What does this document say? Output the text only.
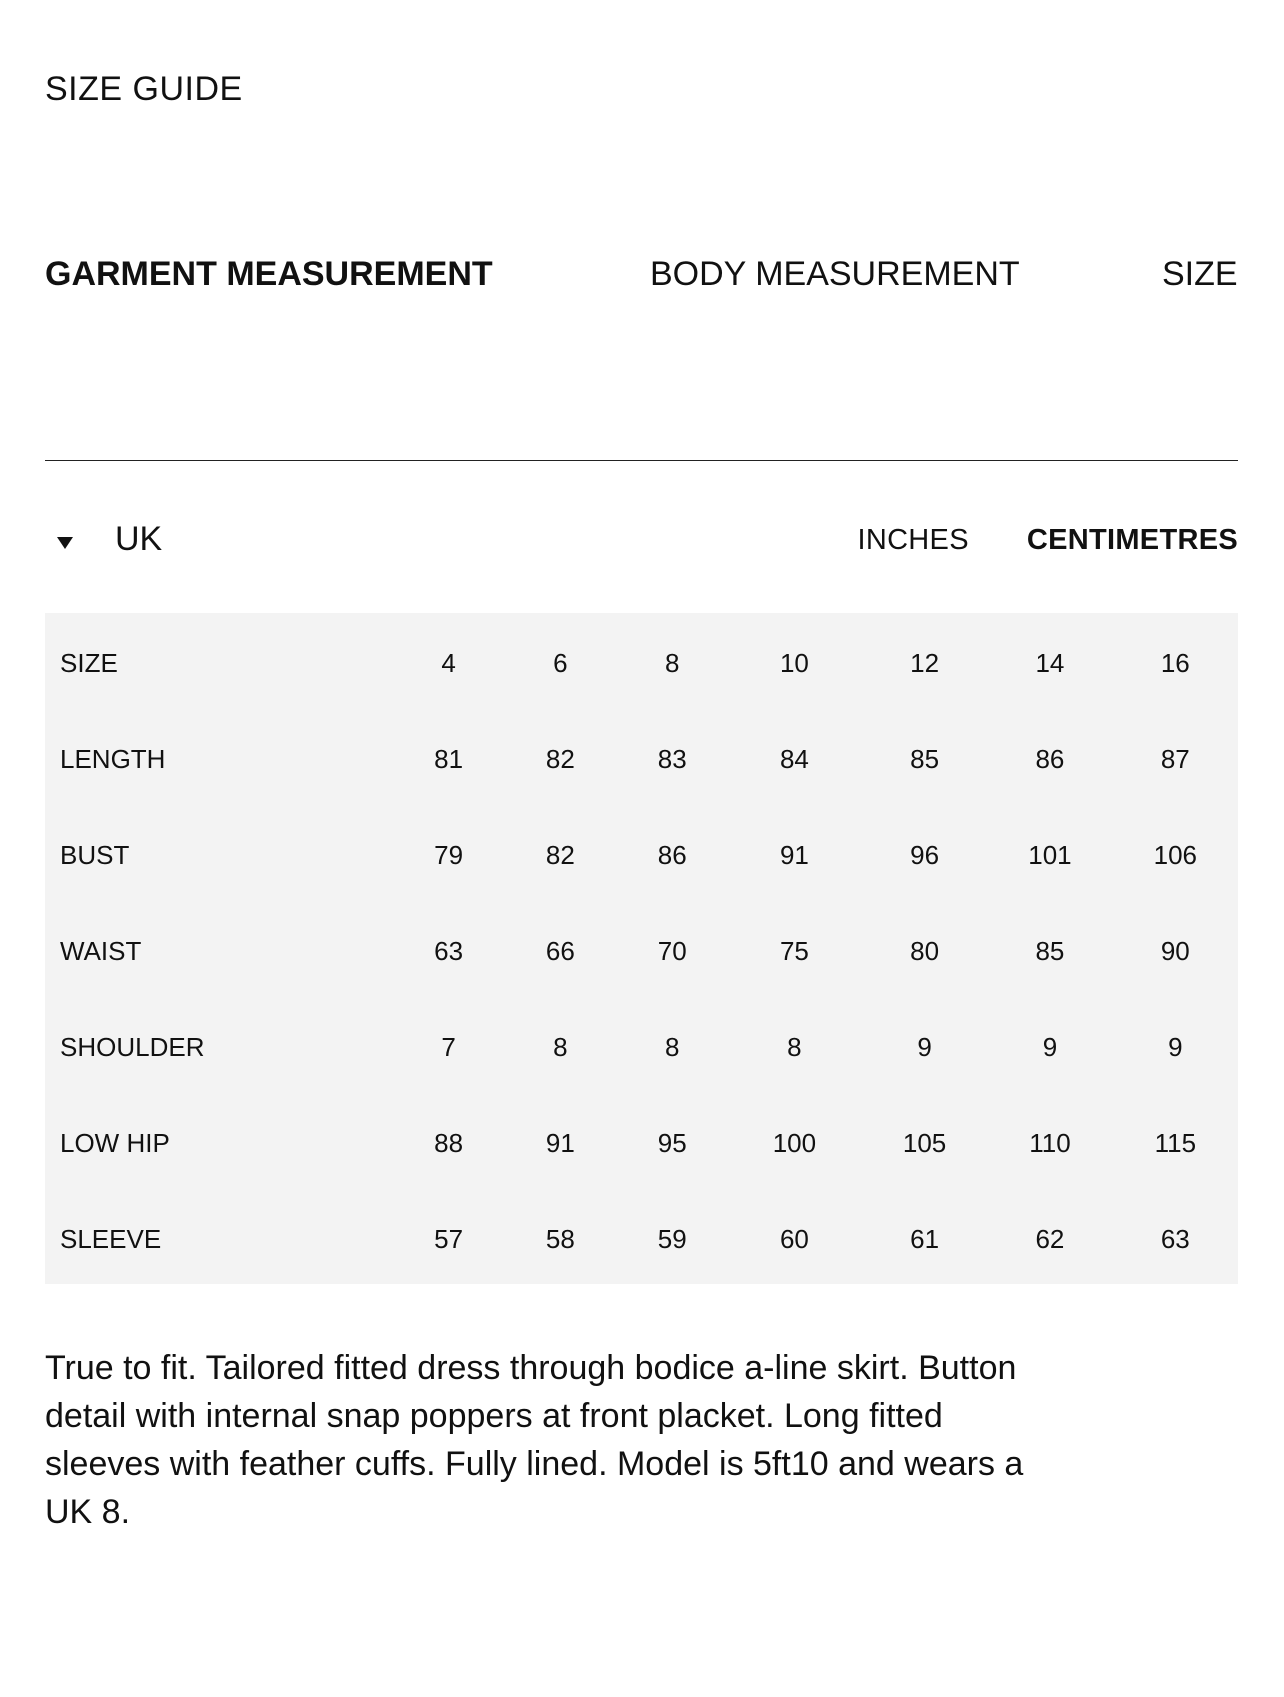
SIZE GUIDE
GARMENT MEASUREMENT	BODY MEASUREMENT	SIZE
UK	INCHES CENTIMETRES
SIZE	4	6	8	10	12	14	16
LENGTH	81	82	83	84	85	86	87
BUST	79	82	86	91	96	101	106
WAIST	63	66	70	75	80	85	90
SHOULDER	7	8	8	8	9	9	9
LOW HIP	88	91	95	100	105	110	115
SLEEVE	57	58	59	60	61	62	63
True to fit. Tailored fitted dress through bodice a-line skirt. Button detail with internal snap poppers at front placket. Long fitted sleeves with feather cuffs. Fully lined. Model is 5ft10 and wears a UK 8.
